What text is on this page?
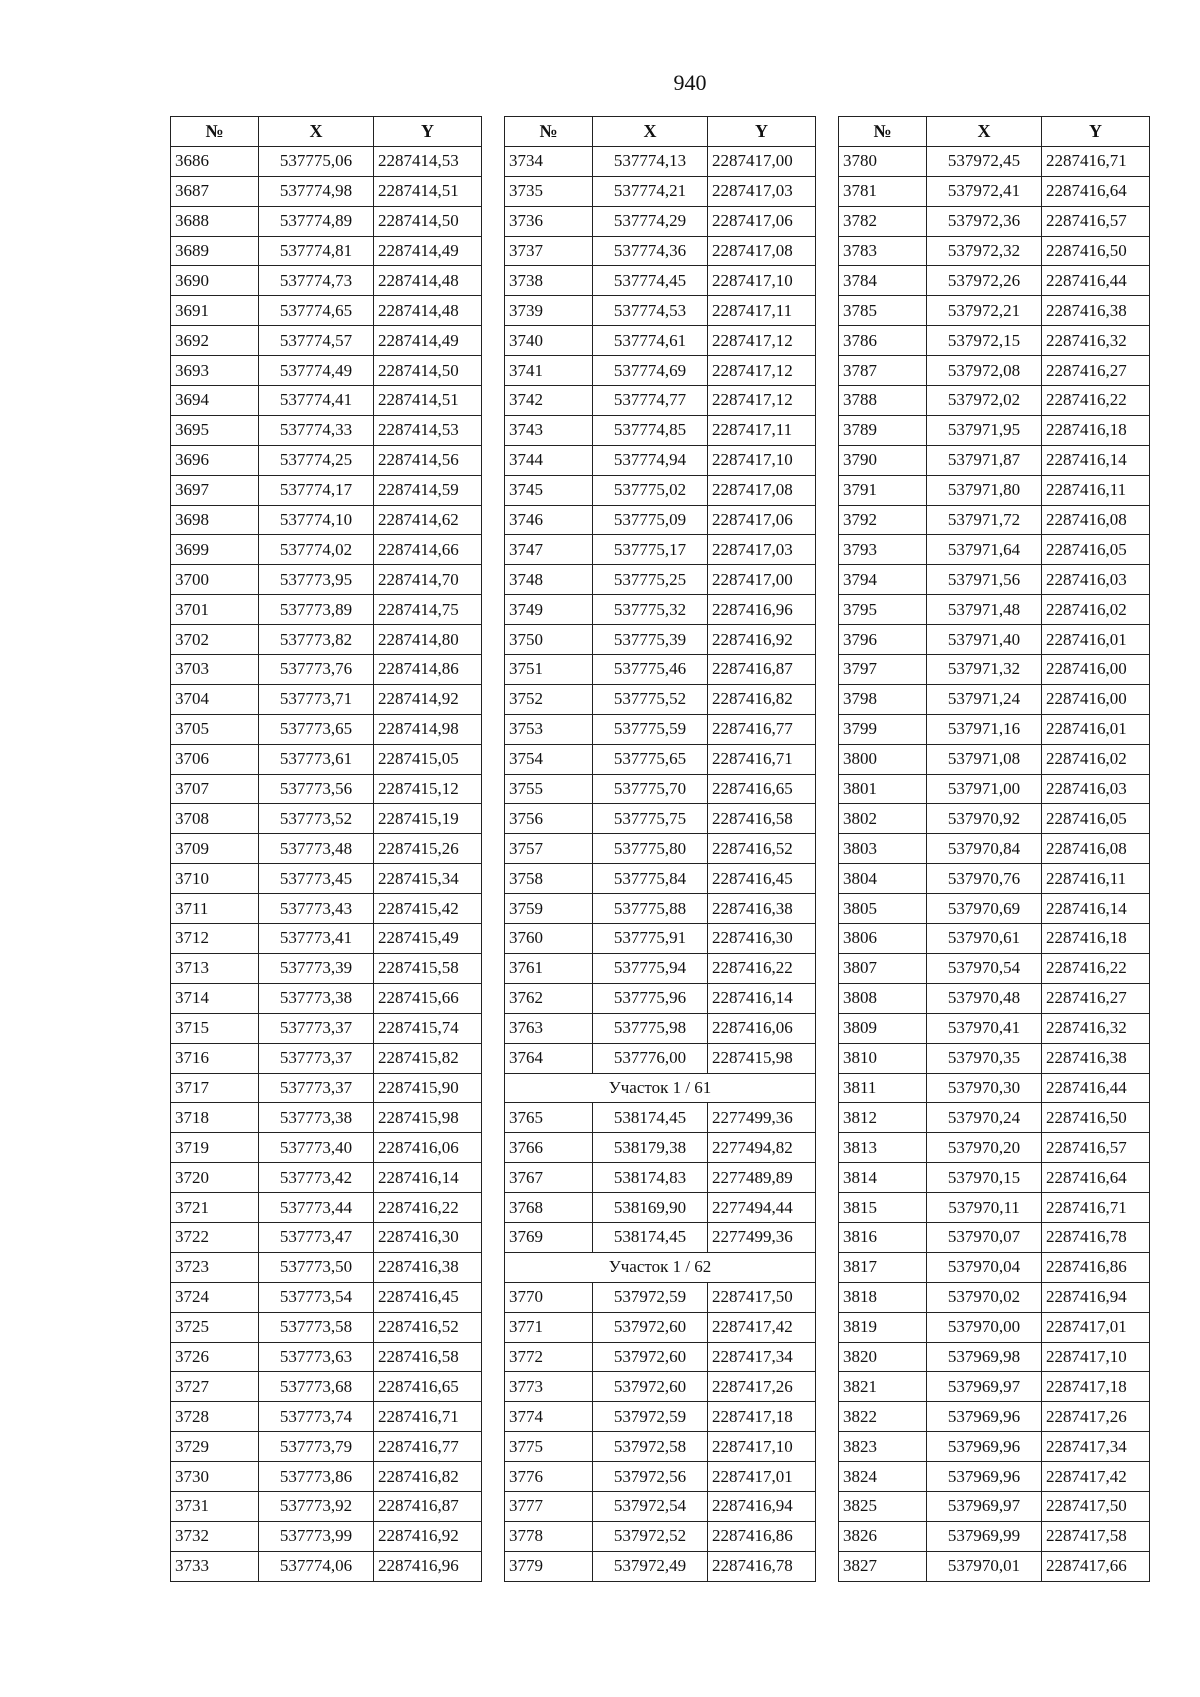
940
№	X	Y
3686	537775,06	2287414,53
3687	537774,98	2287414,51
3688	537774,89	2287414,50
3689	537774,81	2287414,49
3690	537774,73	2287414,48
3691	537774,65	2287414,48
3692	537774,57	2287414,49
3693	537774,49	2287414,50
3694	537774,41	2287414,51
3695	537774,33	2287414,53
3696	537774,25	2287414,56
3697	537774,17	2287414,59
3698	537774,10	2287414,62
3699	537774,02	2287414,66
3700	537773,95	2287414,70
3701	537773,89	2287414,75
3702	537773,82	2287414,80
3703	537773,76	2287414,86
3704	537773,71	2287414,92
3705	537773,65	2287414,98
3706	537773,61	2287415,05
3707	537773,56	2287415,12
3708	537773,52	2287415,19
3709	537773,48	2287415,26
3710	537773,45	2287415,34
3711	537773,43	2287415,42
3712	537773,41	2287415,49
3713	537773,39	2287415,58
3714	537773,38	2287415,66
3715	537773,37	2287415,74
3716	537773,37	2287415,82
3717	537773,37	2287415,90
3718	537773,38	2287415,98
3719	537773,40	2287416,06
3720	537773,42	2287416,14
3721	537773,44	2287416,22
3722	537773,47	2287416,30
3723	537773,50	2287416,38
3724	537773,54	2287416,45
3725	537773,58	2287416,52
3726	537773,63	2287416,58
3727	537773,68	2287416,65
3728	537773,74	2287416,71
3729	537773,79	2287416,77
3730	537773,86	2287416,82
3731	537773,92	2287416,87
3732	537773,99	2287416,92
3733	537774,06	2287416,96
№	X	Y
3734	537774,13	2287417,00
3735	537774,21	2287417,03
3736	537774,29	2287417,06
3737	537774,36	2287417,08
3738	537774,45	2287417,10
3739	537774,53	2287417,11
3740	537774,61	2287417,12
3741	537774,69	2287417,12
3742	537774,77	2287417,12
3743	537774,85	2287417,11
3744	537774,94	2287417,10
3745	537775,02	2287417,08
3746	537775,09	2287417,06
3747	537775,17	2287417,03
3748	537775,25	2287417,00
3749	537775,32	2287416,96
3750	537775,39	2287416,92
3751	537775,46	2287416,87
3752	537775,52	2287416,82
3753	537775,59	2287416,77
3754	537775,65	2287416,71
3755	537775,70	2287416,65
3756	537775,75	2287416,58
3757	537775,80	2287416,52
3758	537775,84	2287416,45
3759	537775,88	2287416,38
3760	537775,91	2287416,30
3761	537775,94	2287416,22
3762	537775,96	2287416,14
3763	537775,98	2287416,06
3764	537776,00	2287415,98
Участок 1 / 61		
3765	538174,45	2277499,36
3766	538179,38	2277494,82
3767	538174,83	2277489,89
3768	538169,90	2277494,44
3769	538174,45	2277499,36
Участок 1 / 62		
3770	537972,59	2287417,50
3771	537972,60	2287417,42
3772	537972,60	2287417,34
3773	537972,60	2287417,26
3774	537972,59	2287417,18
3775	537972,58	2287417,10
3776	537972,56	2287417,01
3777	537972,54	2287416,94
3778	537972,52	2287416,86
3779	537972,49	2287416,78
№	X	Y
3780	537972,45	2287416,71
3781	537972,41	2287416,64
3782	537972,36	2287416,57
3783	537972,32	2287416,50
3784	537972,26	2287416,44
3785	537972,21	2287416,38
3786	537972,15	2287416,32
3787	537972,08	2287416,27
3788	537972,02	2287416,22
3789	537971,95	2287416,18
3790	537971,87	2287416,14
3791	537971,80	2287416,11
3792	537971,72	2287416,08
3793	537971,64	2287416,05
3794	537971,56	2287416,03
3795	537971,48	2287416,02
3796	537971,40	2287416,01
3797	537971,32	2287416,00
3798	537971,24	2287416,00
3799	537971,16	2287416,01
3800	537971,08	2287416,02
3801	537971,00	2287416,03
3802	537970,92	2287416,05
3803	537970,84	2287416,08
3804	537970,76	2287416,11
3805	537970,69	2287416,14
3806	537970,61	2287416,18
3807	537970,54	2287416,22
3808	537970,48	2287416,27
3809	537970,41	2287416,32
3810	537970,35	2287416,38
3811	537970,30	2287416,44
3812	537970,24	2287416,50
3813	537970,20	2287416,57
3814	537970,15	2287416,64
3815	537970,11	2287416,71
3816	537970,07	2287416,78
3817	537970,04	2287416,86
3818	537970,02	2287416,94
3819	537970,00	2287417,01
3820	537969,98	2287417,10
3821	537969,97	2287417,18
3822	537969,96	2287417,26
3823	537969,96	2287417,34
3824	537969,96	2287417,42
3825	537969,97	2287417,50
3826	537969,99	2287417,58
3827	537970,01	2287417,66
